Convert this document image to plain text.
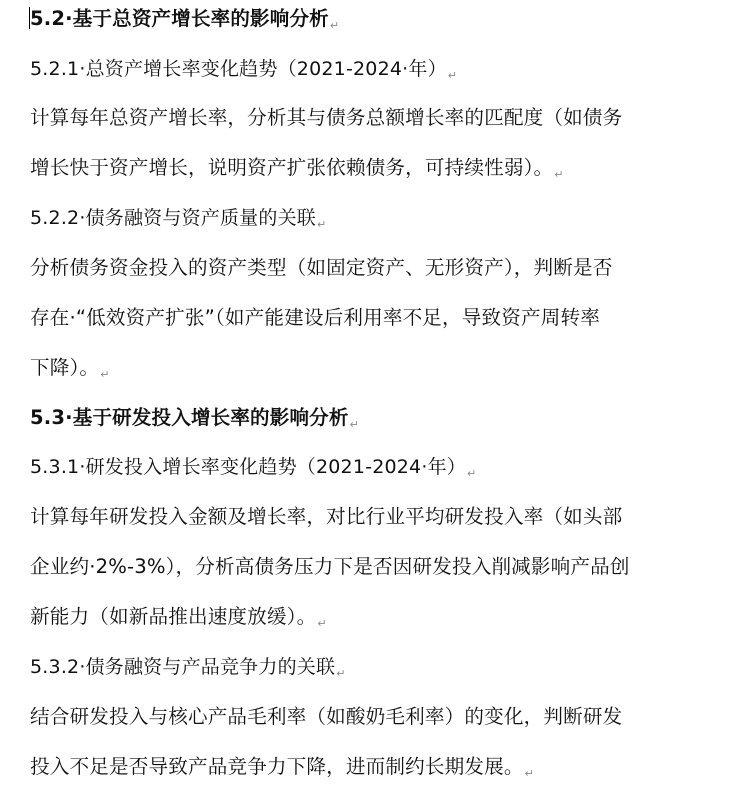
5.2·基于总资产增长率的影响分析$_↵$
5.2.1·总资产增长率变化趋势（2021-2024·年）$_↵$
计算每年总资产增长率，分析其与债务总额增长率的匹配度（如债务
增长快于资产增长，说明资产扩张依赖债务，可持续性弱）。$_↵$
5.2.2·债务融资与资产质量的关联$_↵$
分析债务资金投入的资产类型（如固定资产、无形资产），判断是否
存在·“低效资产扩张”（如产能建设后利用率不足，导致资产周转率
下降）。$_↵$
5.3·基于研发投入增长率的影响分析$_↵$
5.3.1·研发投入增长率变化趋势（2021-2024·年）$_↵$
计算每年研发投入金额及增长率，对比行业平均研发投入率（如头部
企业约·2%-3%），分析高债务压力下是否因研发投入削减影响产品创
新能力（如新品推出速度放缓）。$_↵$
5.3.2·债务融资与产品竞争力的关联$_↵$
结合研发投入与核心产品毛利率（如酸奶毛利率）的变化，判断研发
投入不足是否导致产品竞争力下降，进而制约长期发展。$_↵$
